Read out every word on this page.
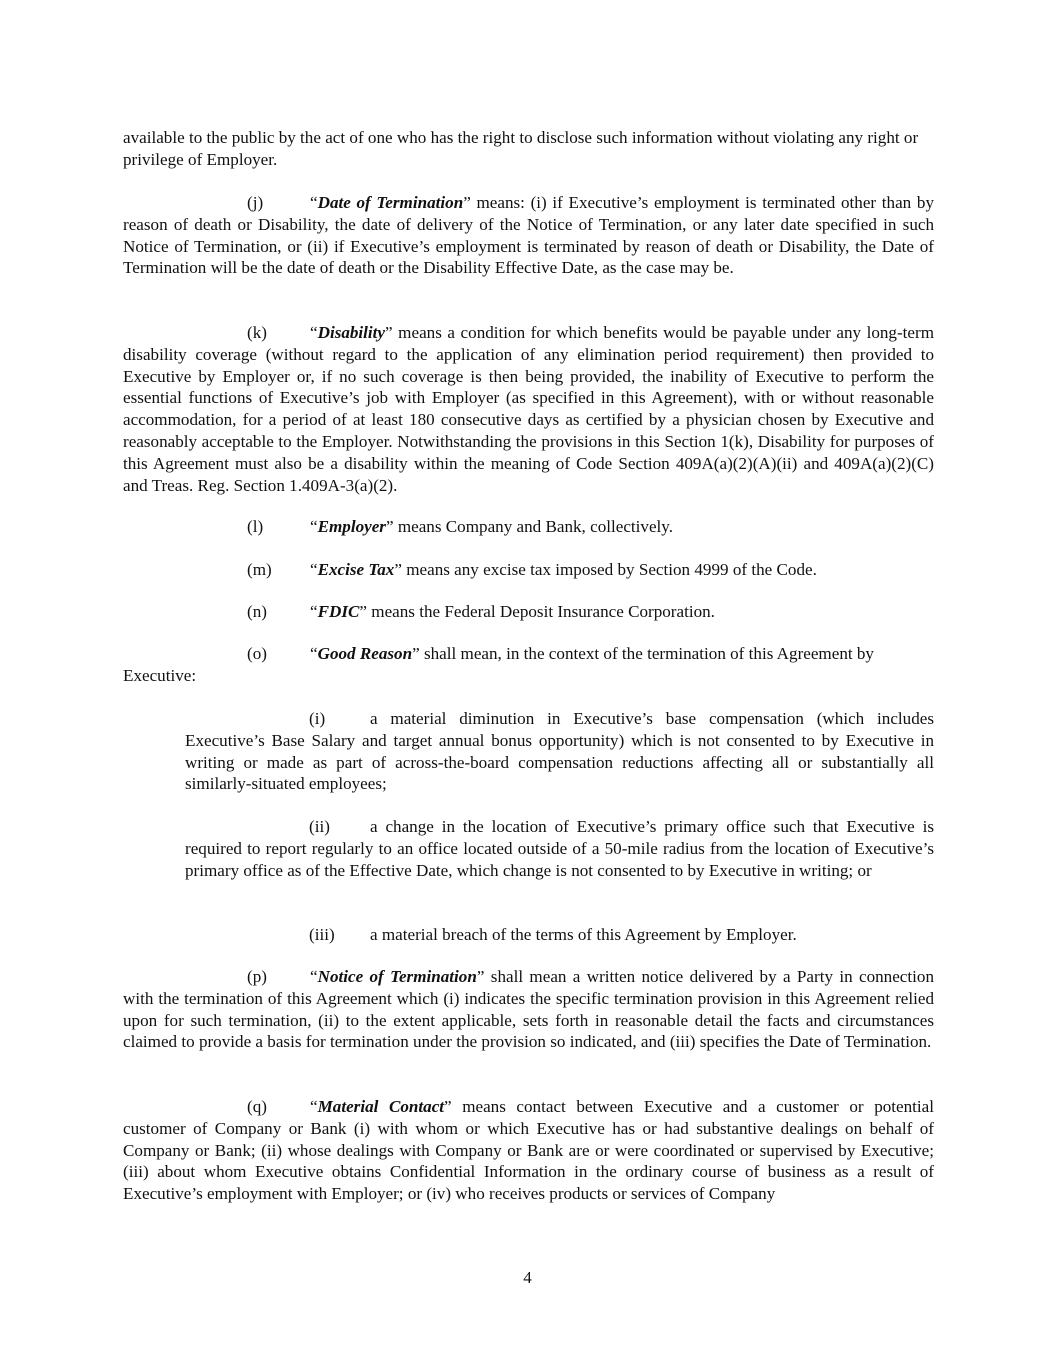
available to the public by the act of one who has the right to disclose such information without violating any right or privilege of Employer.

(j)	“Date of Termination” means: (i) if Executive’s employment is terminated other than by reason of death or Disability, the date of delivery of the Notice of Termination, or any later date specified in such Notice of Termination, or (ii) if Executive’s employment is terminated by reason of death or Disability, the Date of Termination will be the date of death or the Disability Effective Date, as the case may be.

(k)	“Disability” means a condition for which benefits would be payable under any long-term disability coverage (without regard to the application of any elimination period requirement) then provided to Executive by Employer or, if no such coverage is then being provided, the inability of Executive to perform the essential functions of Executive’s job with Employer (as specified in this Agreement), with or without reasonable accommodation, for a period of at least 180 consecutive days as certified by a physician chosen by Executive and reasonably acceptable to the Employer. Notwithstanding the provisions in this Section 1(k), Disability for purposes of this Agreement must also be a disability within the meaning of Code Section 409A(a)(2)(A)(ii) and 409A(a)(2)(C) and Treas. Reg. Section 1.409A-3(a)(2).

(l)	“Employer” means Company and Bank, collectively.
(m) “Excise Tax” means any excise tax imposed by Section 4999 of the Code.
(n)	“FDIC” means the Federal Deposit Insurance Corporation.

(o)	“Good Reason” shall mean, in the context of the termination of this Agreement by Executive:

(i)	a material diminution in Executive’s base compensation (which includes Executive’s Base Salary and target annual bonus opportunity) which is not consented to by Executive in writing or made as part of across-the-board compensation reductions affecting all or substantially all similarly-situated employees;

(ii) a change in the location of Executive’s primary office such that Executive is required to report regularly to an office located outside of a 50-mile radius from the location of Executive’s primary office as of the Effective Date, which change is not consented to by Executive in writing; or

(iii) a material breach of the terms of this Agreement by Employer.

(p)	“Notice of Termination” shall mean a written notice delivered by a Party in connection with the termination of this Agreement which (i) indicates the specific termination provision in this Agreement relied upon for such termination, (ii) to the extent applicable, sets forth in reasonable detail the facts and circumstances claimed to provide a basis for termination under the provision so indicated, and (iii) specifies the Date of Termination.

(q)	“Material Contact” means contact between Executive and a customer or potential customer of Company or Bank (i) with whom or which Executive has or had substantive dealings on behalf of Company or Bank; (ii) whose dealings with Company or Bank are or were coordinated or supervised by Executive; (iii) about whom Executive obtains Confidential Information in the ordinary course of business as a result of Executive’s employment with Employer; or (iv) who receives products or services of Company

4
